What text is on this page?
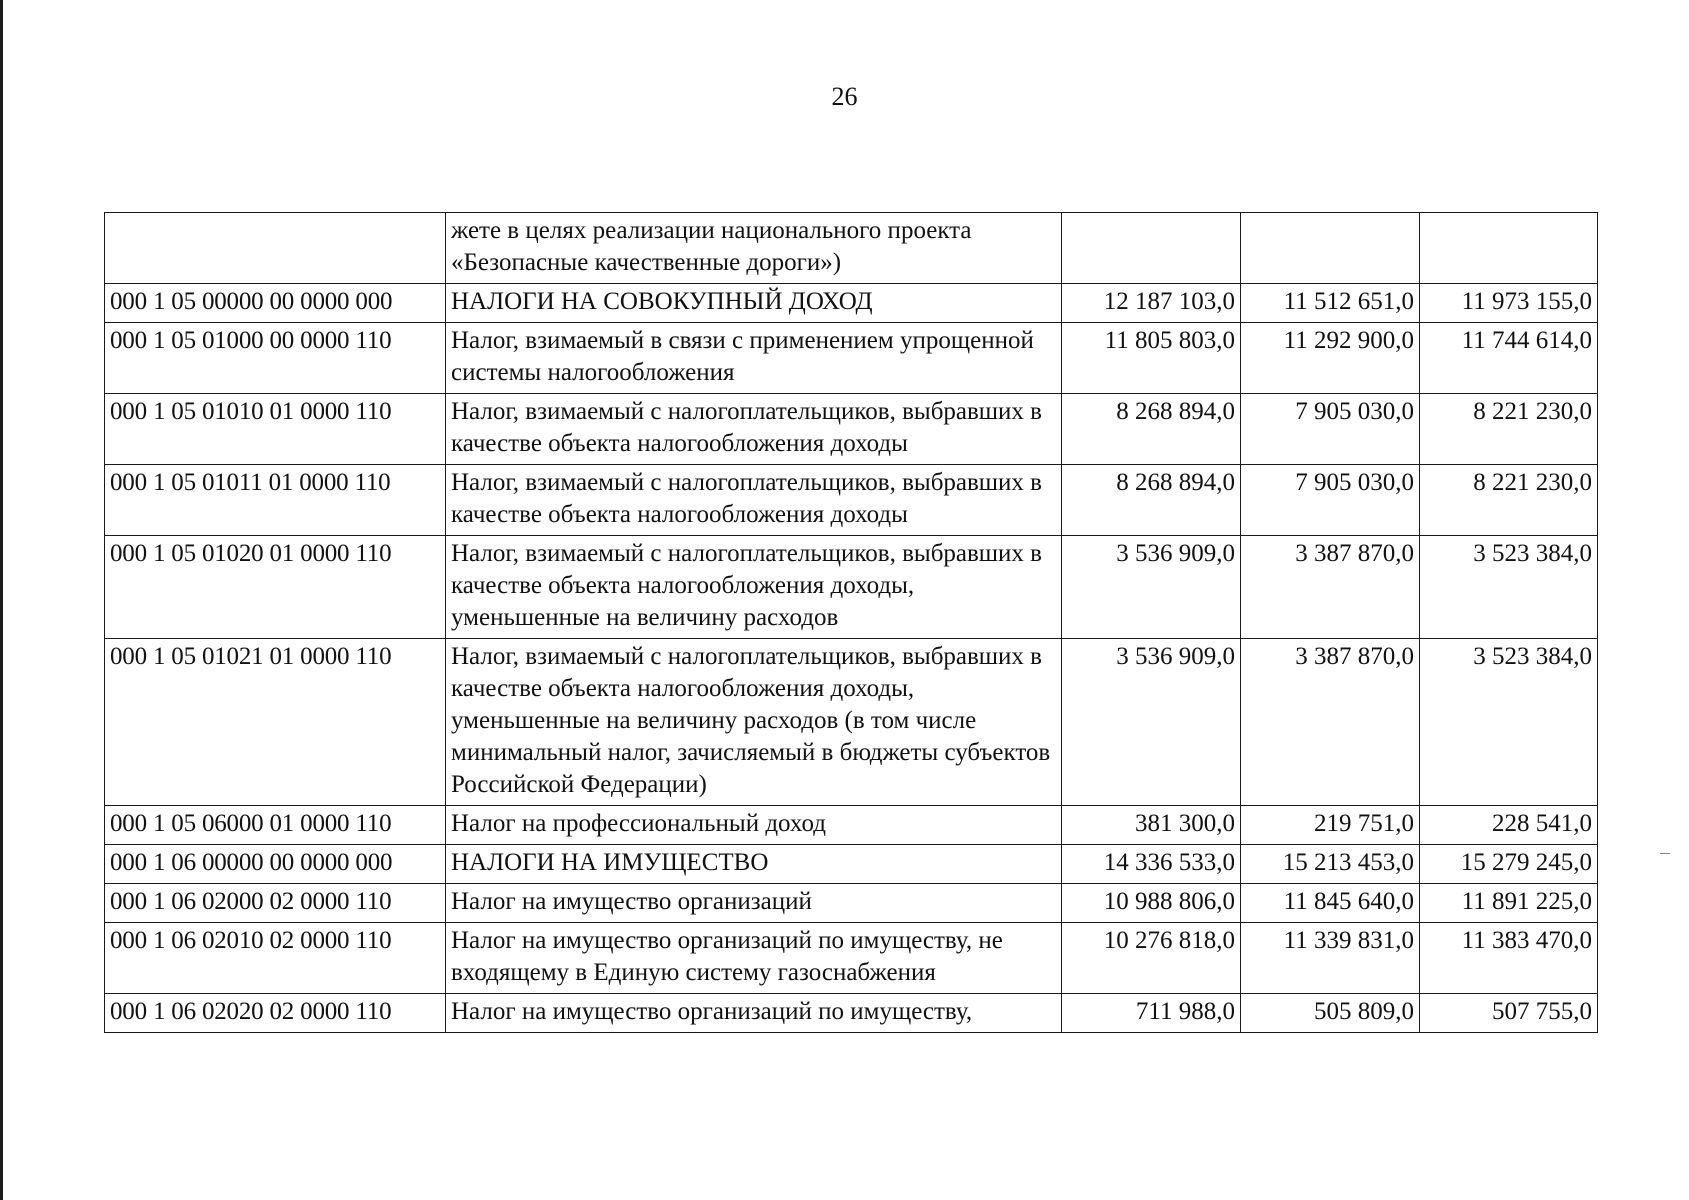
26
	жете в целях реализации национального проекта «Безопасные качественные дороги»)			
000 1 05 00000 00 0000 000	НАЛОГИ НА СОВОКУПНЫЙ ДОХОД	12 187 103,0	11 512 651,0	11 973 155,0
000 1 05 01000 00 0000 110	Налог, взимаемый в связи с применением упрощенной системы налогообложения	11 805 803,0	11 292 900,0	11 744 614,0
000 1 05 01010 01 0000 110	Налог, взимаемый с налогоплательщиков, выбравших в качестве объекта налогообложения доходы	8 268 894,0	7 905 030,0	8 221 230,0
000 1 05 01011 01 0000 110	Налог, взимаемый с налогоплательщиков, выбравших в качестве объекта налогообложения доходы	8 268 894,0	7 905 030,0	8 221 230,0
000 1 05 01020 01 0000 110	Налог, взимаемый с налогоплательщиков, выбравших в качестве объекта налогообложения доходы, уменьшенные на величину расходов	3 536 909,0	3 387 870,0	3 523 384,0
000 1 05 01021 01 0000 110	Налог, взимаемый с налогоплательщиков, выбравших в качестве объекта налогообложения доходы, уменьшенные на величину расходов (в том числе минимальный налог, зачисляемый в бюджеты субъектов Российской Федерации)	3 536 909,0	3 387 870,0	3 523 384,0
000 1 05 06000 01 0000 110	Налог на профессиональный доход	381 300,0	219 751,0	228 541,0
000 1 06 00000 00 0000 000	НАЛОГИ НА ИМУЩЕСТВО	14 336 533,0	15 213 453,0	15 279 245,0
000 1 06 02000 02 0000 110	Налог на имущество организаций	10 988 806,0	11 845 640,0	11 891 225,0
000 1 06 02010 02 0000 110	Налог на имущество организаций по имуществу, не входящему в Единую систему газоснабжения	10 276 818,0	11 339 831,0	11 383 470,0
000 1 06 02020 02 0000 110	Налог на имущество организаций по имуществу,	711 988,0	505 809,0	507 755,0
